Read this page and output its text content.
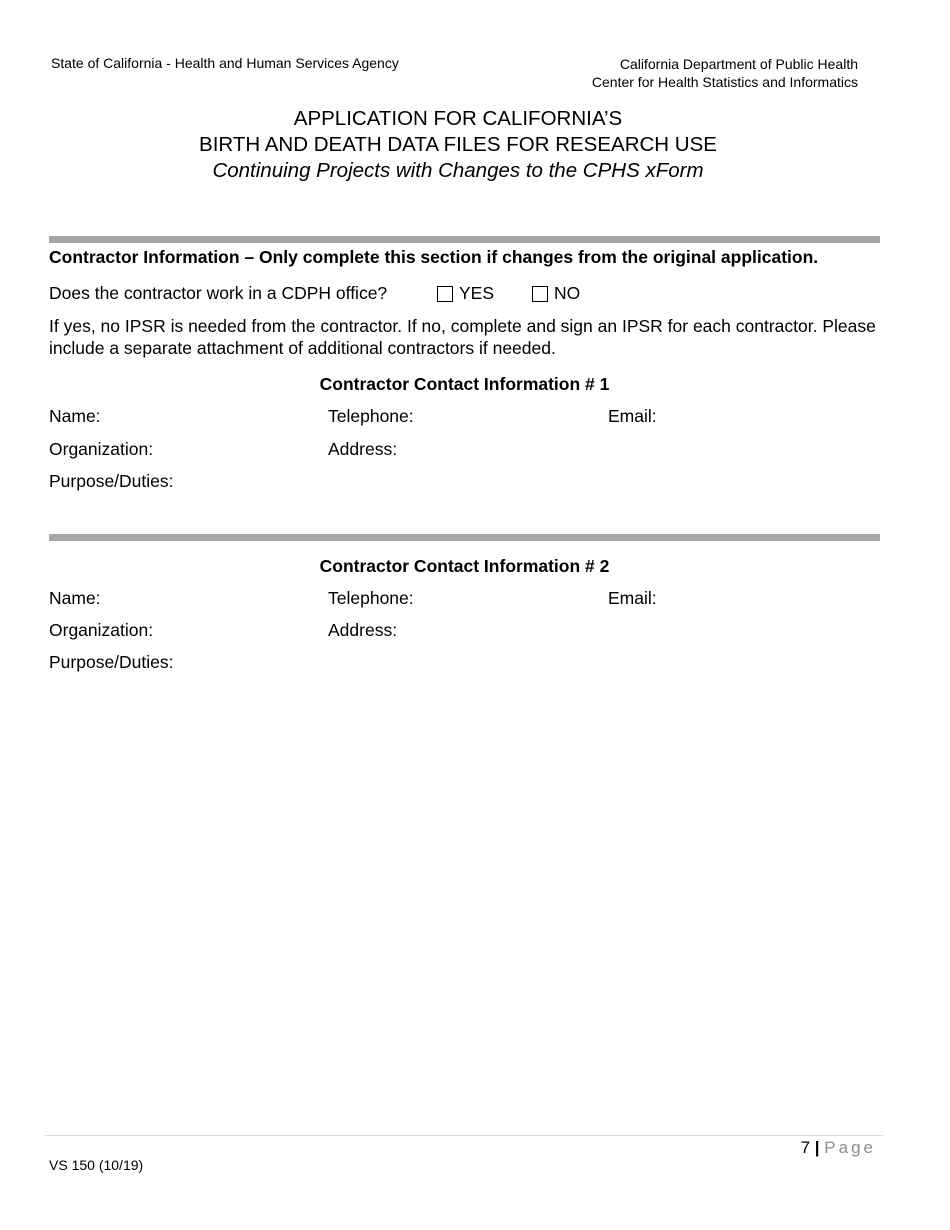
State of California - Health and Human Services Agency	California Department of Public Health
Center for Health Statistics and Informatics
APPLICATION FOR CALIFORNIA’S
BIRTH AND DEATH DATA FILES FOR RESEARCH USE
Continuing Projects with Changes to the CPHS xForm
Contractor Information – Only complete this section if changes from the original application.
Does the contractor work in a CDPH office?	YES	NO
If yes, no IPSR is needed from the contractor. If no, complete and sign an IPSR for each contractor. Please include a separate attachment of additional contractors if needed.
Contractor Contact Information # 1
Name:	Telephone:	Email:
Organization:	Address:
Purpose/Duties:
Contractor Contact Information # 2
Name:	Telephone:	Email:
Organization:	Address:
Purpose/Duties:
7 | Page
VS 150 (10/19)
